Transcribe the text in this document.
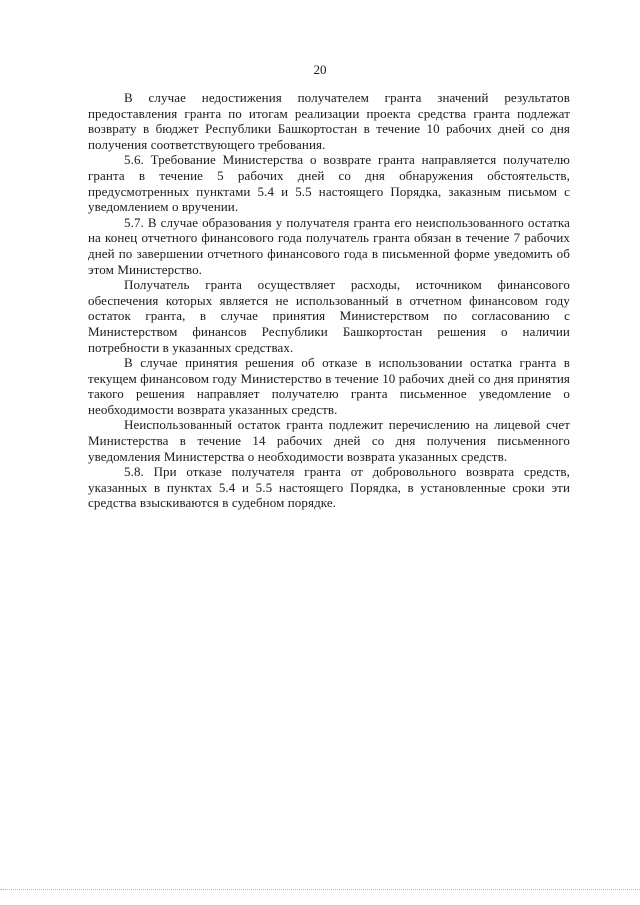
20

В случае недостижения получателем гранта значений результатов предоставления гранта по итогам реализации проекта средства гранта подлежат возврату в бюджет Республики Башкортостан в течение 10 рабочих дней со дня получения соответствующего требования.

5.6. Требование Министерства о возврате гранта направляется получателю гранта в течение 5 рабочих дней со дня обнаружения обстоятельств, предусмотренных пунктами 5.4 и 5.5 настоящего Порядка, заказным письмом с уведомлением о вручении.

5.7. В случае образования у получателя гранта его неиспользованного остатка на конец отчетного финансового года получатель гранта обязан в течение 7 рабочих дней по завершении отчетного финансового года в письменной форме уведомить об этом Министерство.

Получатель гранта осуществляет расходы, источником финансового обеспечения которых является не использованный в отчетном финансовом году остаток гранта, в случае принятия Министерством по согласованию с Министерством финансов Республики Башкортостан решения о наличии потребности в указанных средствах.

В случае принятия решения об отказе в использовании остатка гранта в текущем финансовом году Министерство в течение 10 рабочих дней со дня принятия такого решения направляет получателю гранта письменное уведомление о необходимости возврата указанных средств.

Неиспользованный остаток гранта подлежит перечислению на лицевой счет Министерства в течение 14 рабочих дней со дня получения письменного уведомления Министерства о необходимости возврата указанных средств.

5.8. При отказе получателя гранта от добровольного возврата средств, указанных в пунктах 5.4 и 5.5 настоящего Порядка, в установленные сроки эти средства взыскиваются в судебном порядке.
